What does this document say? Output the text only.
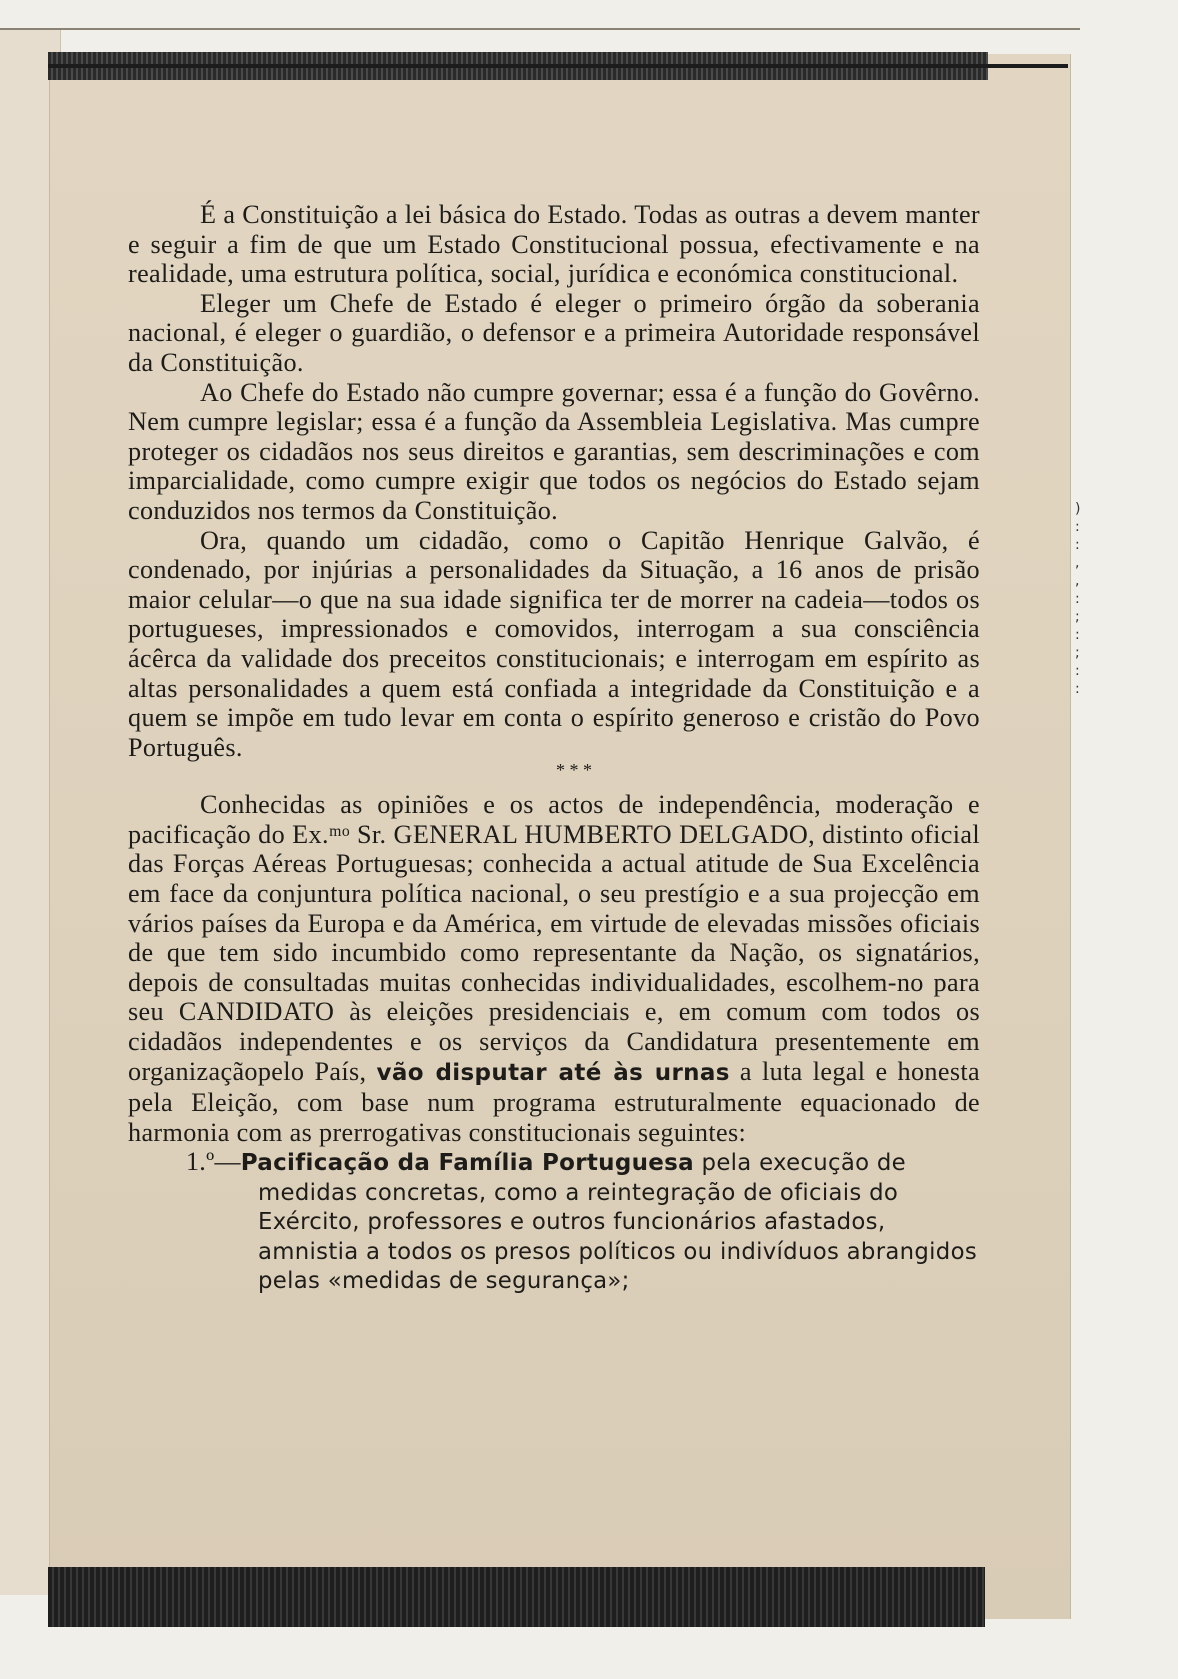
)
:
:
,
,
:
;
:
;
:
:

É a Constituição a lei básica do Estado. Todas as outras a devem manter e seguir a fim de que um Estado Constitucional possua, efectivamente e na realidade, uma estrutura política, social, jurídica e económica constitucional.

Eleger um Chefe de Estado é eleger o primeiro órgão da soberania nacional, é eleger o guardião, o defensor e a primeira Autoridade responsável da Constituição.

Ao Chefe do Estado não cumpre governar; essa é a função do Govêrno. Nem cumpre legislar; essa é a função da Assembleia Legislativa. Mas cumpre proteger os cidadãos nos seus direitos e garantias, sem descriminações e com imparcialidade, como cumpre exigir que todos os negócios do Estado sejam conduzidos nos termos da Constituição.

Ora, quando um cidadão, como o Capitão Henrique Galvão, é condenado, por injúrias a personalidades da Situação, a 16 anos de prisão maior celular—o que na sua idade significa ter de morrer na cadeia—todos os portugueses, impressionados e comovidos, interrogam a sua consciência ácêrca da validade dos preceitos constitucionais; e interrogam em espírito as altas personalidades a quem está confiada a integridade da Constituição e a quem se impõe em tudo levar em conta o espírito generoso e cristão do Povo Português.

* * *

Conhecidas as opiniões e os actos de independência, moderação e pacificação do Ex.ᵐᵒ Sr. GENERAL HUMBERTO DELGADO, distinto oficial das Forças Aéreas Portuguesas; conhecida a actual atitude de Sua Excelência em face da conjuntura política nacional, o seu prestígio e a sua projecção em vários países da Europa e da América, em virtude de elevadas missões oficiais de que tem sido incumbido como representante da Nação, os signatários, depois de consultadas muitas conhecidas individualidades, escolhem-no para seu CANDIDATO às eleições presidenciais e, em comum com todos os cidadãos independentes e os serviços da Candidatura presentemente em organizaçãopelo País, vão disputar até às urnas a luta legal e honesta pela Eleição, com base num programa estruturalmente equacionado de harmonia com as prerrogativas constitucionais seguintes:

1.º—Pacificação da Família Portuguesa pela execução de medidas concretas, como a reintegração de oficiais do Exército, professores e outros funcionários afastados, amnistia a todos os presos políticos ou indivíduos abrangidos pelas «medidas de segurança»;
